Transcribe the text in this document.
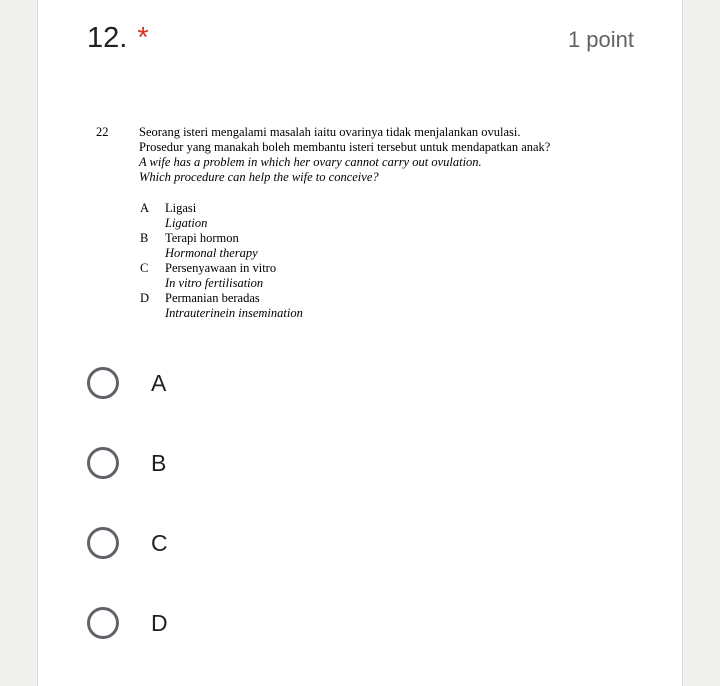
12. *	1 point
22 Seorang isteri mengalami masalah iaitu ovarinya tidak menjalankan ovulasi.
Prosedur yang manakah boleh membantu isteri tersebut untuk mendapatkan anak?
A wife has a problem in which her ovary cannot carry out ovulation.
Which procedure can help the wife to conceive?
A Ligasi
Ligation
B Terapi hormon
Hormonal therapy
C Persenyawaan in vitro
In vitro fertilisation
D Permanian beradas
Intrauterinein insemination
A
B
C
D
